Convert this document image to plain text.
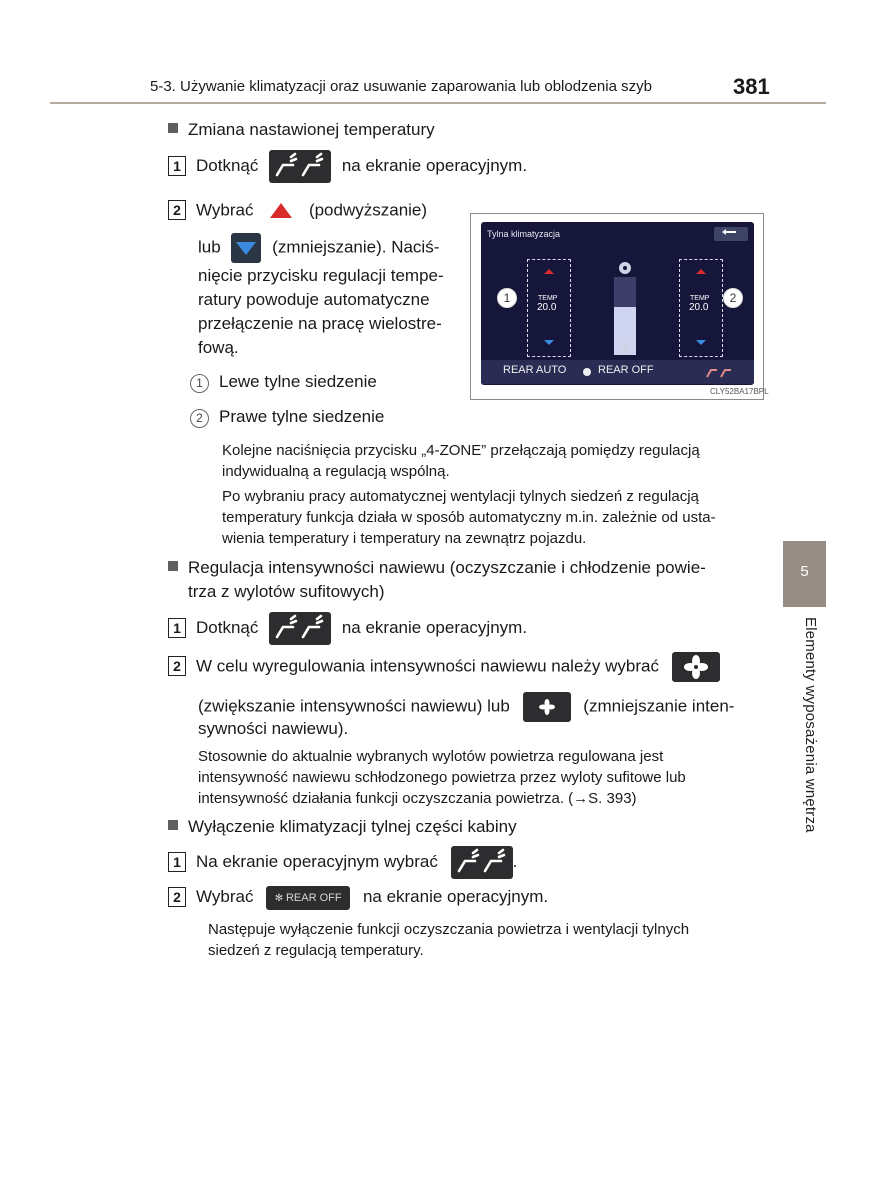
5-3. Używanie klimatyzacji oraz usuwanie zaparowania lub oblodzenia szyb	381
Zmiana nastawionej temperatury
1 Dotknąć	na ekranie operacyjnym.
2 Wybrać	(podwyższanie)
lub	(zmniejszanie). Naciś-
nięcie przycisku regulacji tempe-
ratury powoduje automatyczne
przełączenie na pracę wielostre-
fową.
Tylna klimatyzacja
TEMP
20.0
TEMP
20.0
REAR AUTO	REAR OFF
1	2
CLY52BA17BPL
1 Lewe tylne siedzenie
2 Prawe tylne siedzenie
Kolejne naciśnięcia przycisku „4-ZONE” przełączają pomiędzy regulacją
indywidualną a regulacją wspólną.
Po wybraniu pracy automatycznej wentylacji tylnych siedzeń z regulacją
temperatury funkcja działa w sposób automatyczny m.in. zależnie od usta-
wienia temperatury i temperatury na zewnątrz pojazdu.
Regulacja intensywności nawiewu (oczyszczanie i chłodzenie powie-
trza z wylotów sufitowych)
1 Dotknąć	na ekranie operacyjnym.
2 W celu wyregulowania intensywności nawiewu należy wybrać
(zwiększanie intensywności nawiewu) lub	(zmniejszanie inten-
sywności nawiewu).
Stosownie do aktualnie wybranych wylotów powietrza regulowana jest
intensywność nawiewu schłodzonego powietrza przez wyloty sufitowe lub
intensywność działania funkcji oczyszczania powietrza. (→S. 393)
Wyłączenie klimatyzacji tylnej części kabiny
1 Na ekranie operacyjnym wybrać	.
2 Wybrać ✻ REAR OFF na ekranie operacyjnym.
Następuje wyłączenie funkcji oczyszczania powietrza i wentylacji tylnych
siedzeń z regulacją temperatury.
5
Elementy wyposażenia wnętrza
